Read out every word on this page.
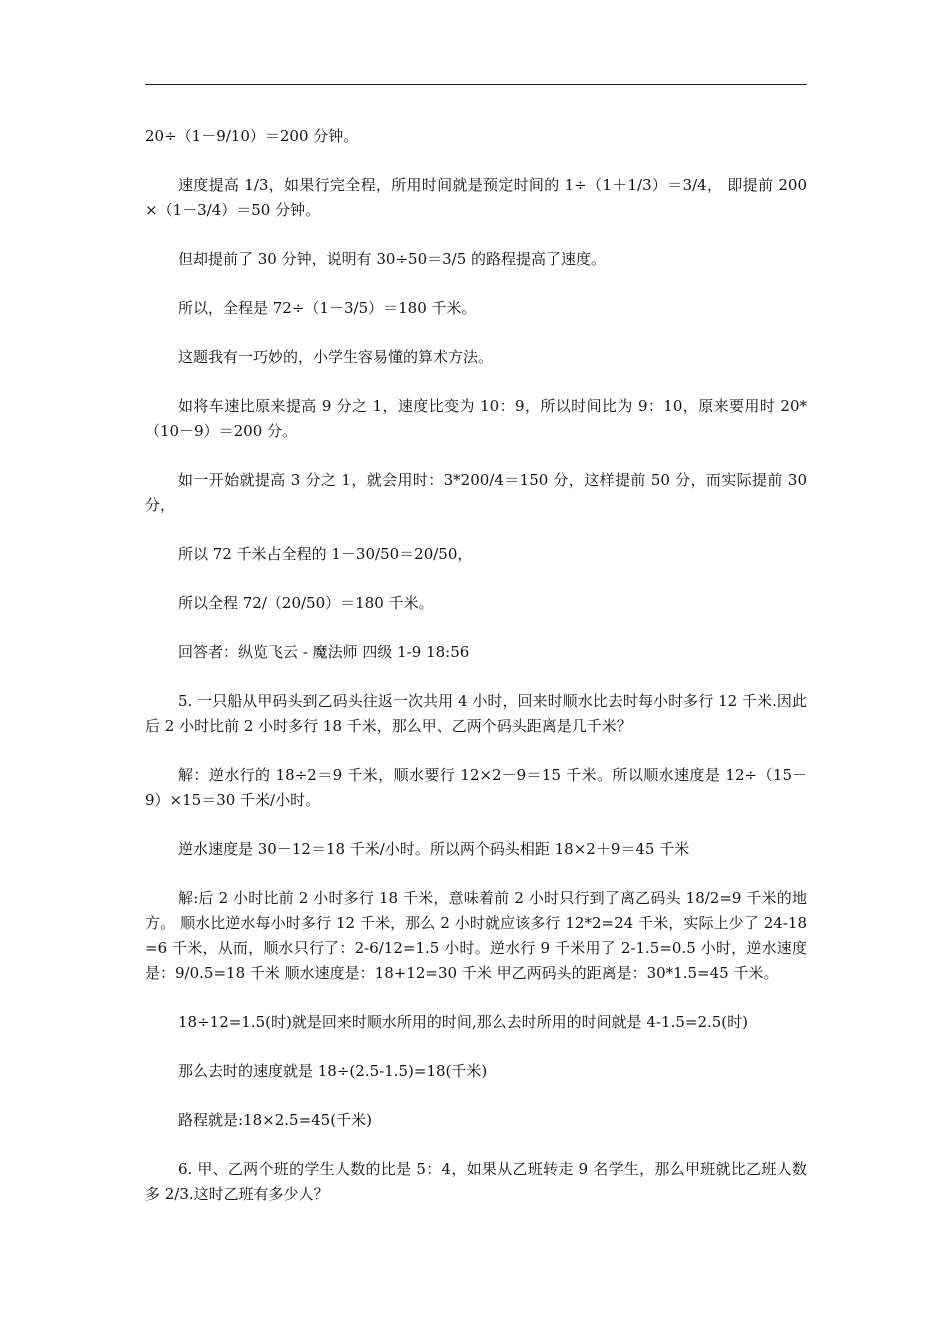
20÷（1－9/10）＝200 分钟。

速度提高 1/3，如果行完全程，所用时间就是预定时间的 1÷（1＋1/3）＝3/4， 即提前 200×（1－3/4）＝50 分钟。

但却提前了 30 分钟，说明有 30÷50＝3/5 的路程提高了速度。

所以，全程是 72÷（1－3/5）＝180 千米。

这题我有一巧妙的，小学生容易懂的算术方法。

如将车速比原来提高 9 分之 1，速度比变为 10：9，所以时间比为 9：10，原来要用时 20* （10－9）＝200 分。

如一开始就提高 3 分之 1，就会用时：3*200/4＝150 分，这样提前 50 分，而实际提前 30 分，

所以 72 千米占全程的 1－30/50＝20/50，

所以全程 72/（20/50）＝180 千米。

回答者：纵览飞云 - 魔法师 四级 1-9 18:56

5. 一只船从甲码头到乙码头往返一次共用 4 小时，回来时顺水比去时每小时多行 12 千米.因此后 2 小时比前 2 小时多行 18 千米，那么甲、乙两个码头距离是几千米？

解：逆水行的 18÷2＝9 千米，顺水要行 12×2－9＝15 千米。所以顺水速度是 12÷（15－9）×15＝30 千米/小时。

逆水速度是 30－12＝18 千米/小时。所以两个码头相距 18×2＋9＝45 千米

解:后 2 小时比前 2 小时多行 18 千米，意味着前 2 小时只行到了离乙码头 18/2=9 千米的地方。 顺水比逆水每小时多行 12 千米，那么 2 小时就应该多行 12*2=24 千米，实际上少了 24-18=6 千米，从而，顺水只行了：2-6/12=1.5 小时。逆水行 9 千米用了 2-1.5=0.5 小时，逆水速度是：9/0.5=18 千米 顺水速度是：18+12=30 千米 甲乙两码头的距离是：30*1.5=45 千米。

18÷12=1.5(时)就是回来时顺水所用的时间,那么去时所用的时间就是 4-1.5=2.5(时)

那么去时的速度就是 18÷(2.5-1.5)=18(千米)

路程就是:18×2.5=45(千米)

6. 甲、乙两个班的学生人数的比是 5：4，如果从乙班转走 9 名学生，那么甲班就比乙班人数多 2/3.这时乙班有多少人？
